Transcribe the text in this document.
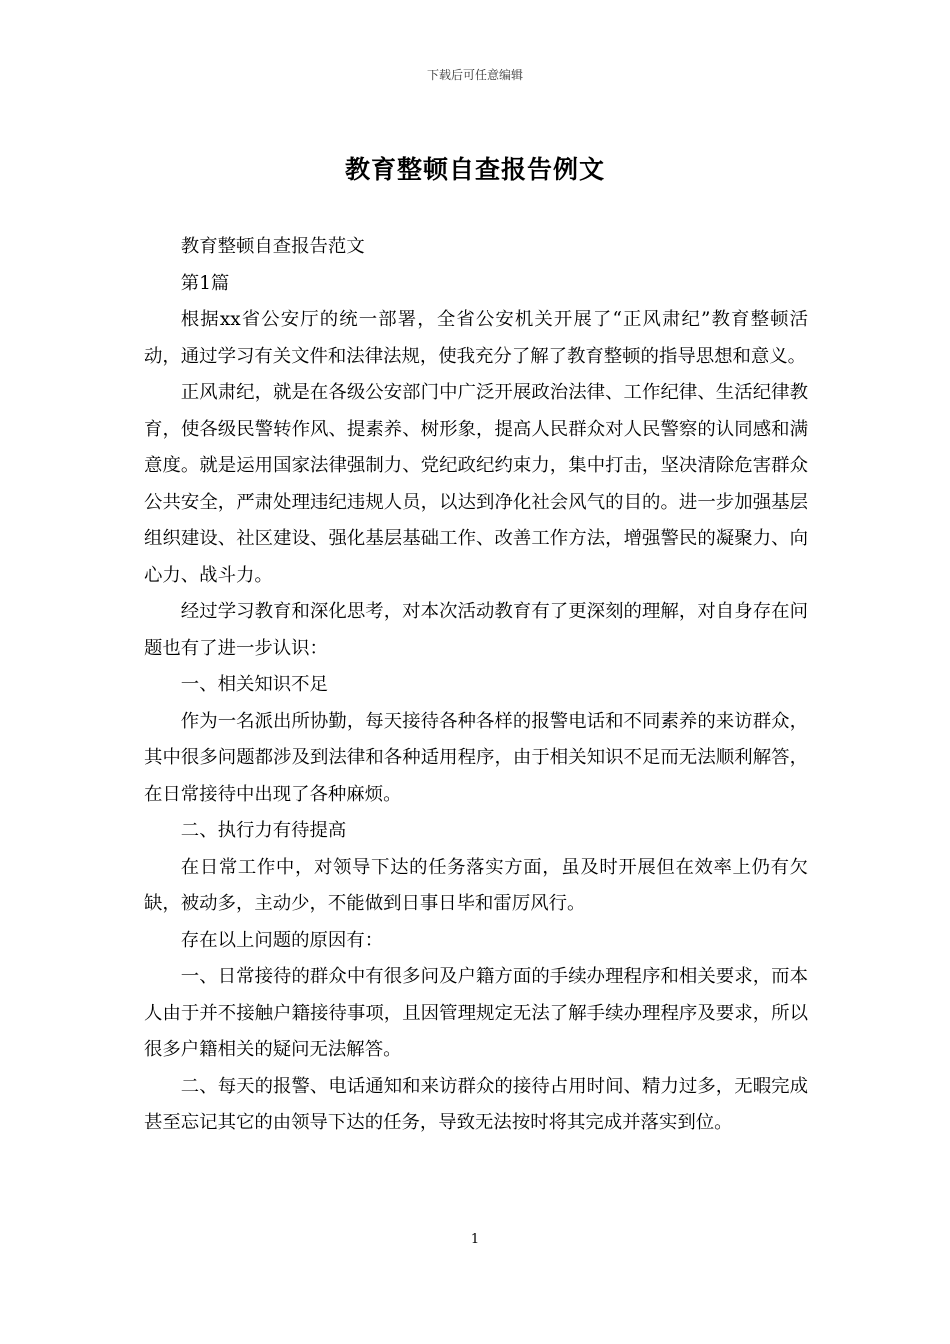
下载后可任意编辑
教育整顿自查报告例文

教育整顿自查报告范文

第1篇

根据xx省公安厅的统一部署，全省公安机关开展了“正风肃纪”教育整顿活动，通过学习有关文件和法律法规，使我充分了解了教育整顿的指导思想和意义。

正风肃纪，就是在各级公安部门中广泛开展政治法律、工作纪律、生活纪律教育，使各级民警转作风、提素养、树形象，提高人民群众对人民警察的认同感和满意度。就是运用国家法律强制力、党纪政纪约束力，集中打击，坚决清除危害群众公共安全，严肃处理违纪违规人员，以达到净化社会风气的目的。进一步加强基层组织建设、社区建设、强化基层基础工作、改善工作方法，增强警民的凝聚力、向心力、战斗力。

经过学习教育和深化思考，对本次活动教育有了更深刻的理解，对自身存在问题也有了进一步认识：

一、相关知识不足

作为一名派出所协勤，每天接待各种各样的报警电话和不同素养的来访群众，其中很多问题都涉及到法律和各种适用程序，由于相关知识不足而无法顺利解答，在日常接待中出现了各种麻烦。

二、执行力有待提高

在日常工作中，对领导下达的任务落实方面，虽及时开展但在效率上仍有欠缺，被动多，主动少，不能做到日事日毕和雷厉风行。

存在以上问题的原因有：

一、日常接待的群众中有很多问及户籍方面的手续办理程序和相关要求，而本人由于并不接触户籍接待事项，且因管理规定无法了解手续办理程序及要求，所以很多户籍相关的疑问无法解答。

二、每天的报警、电话通知和来访群众的接待占用时间、精力过多，无暇完成甚至忘记其它的由领导下达的任务，导致无法按时将其完成并落实到位。

1
